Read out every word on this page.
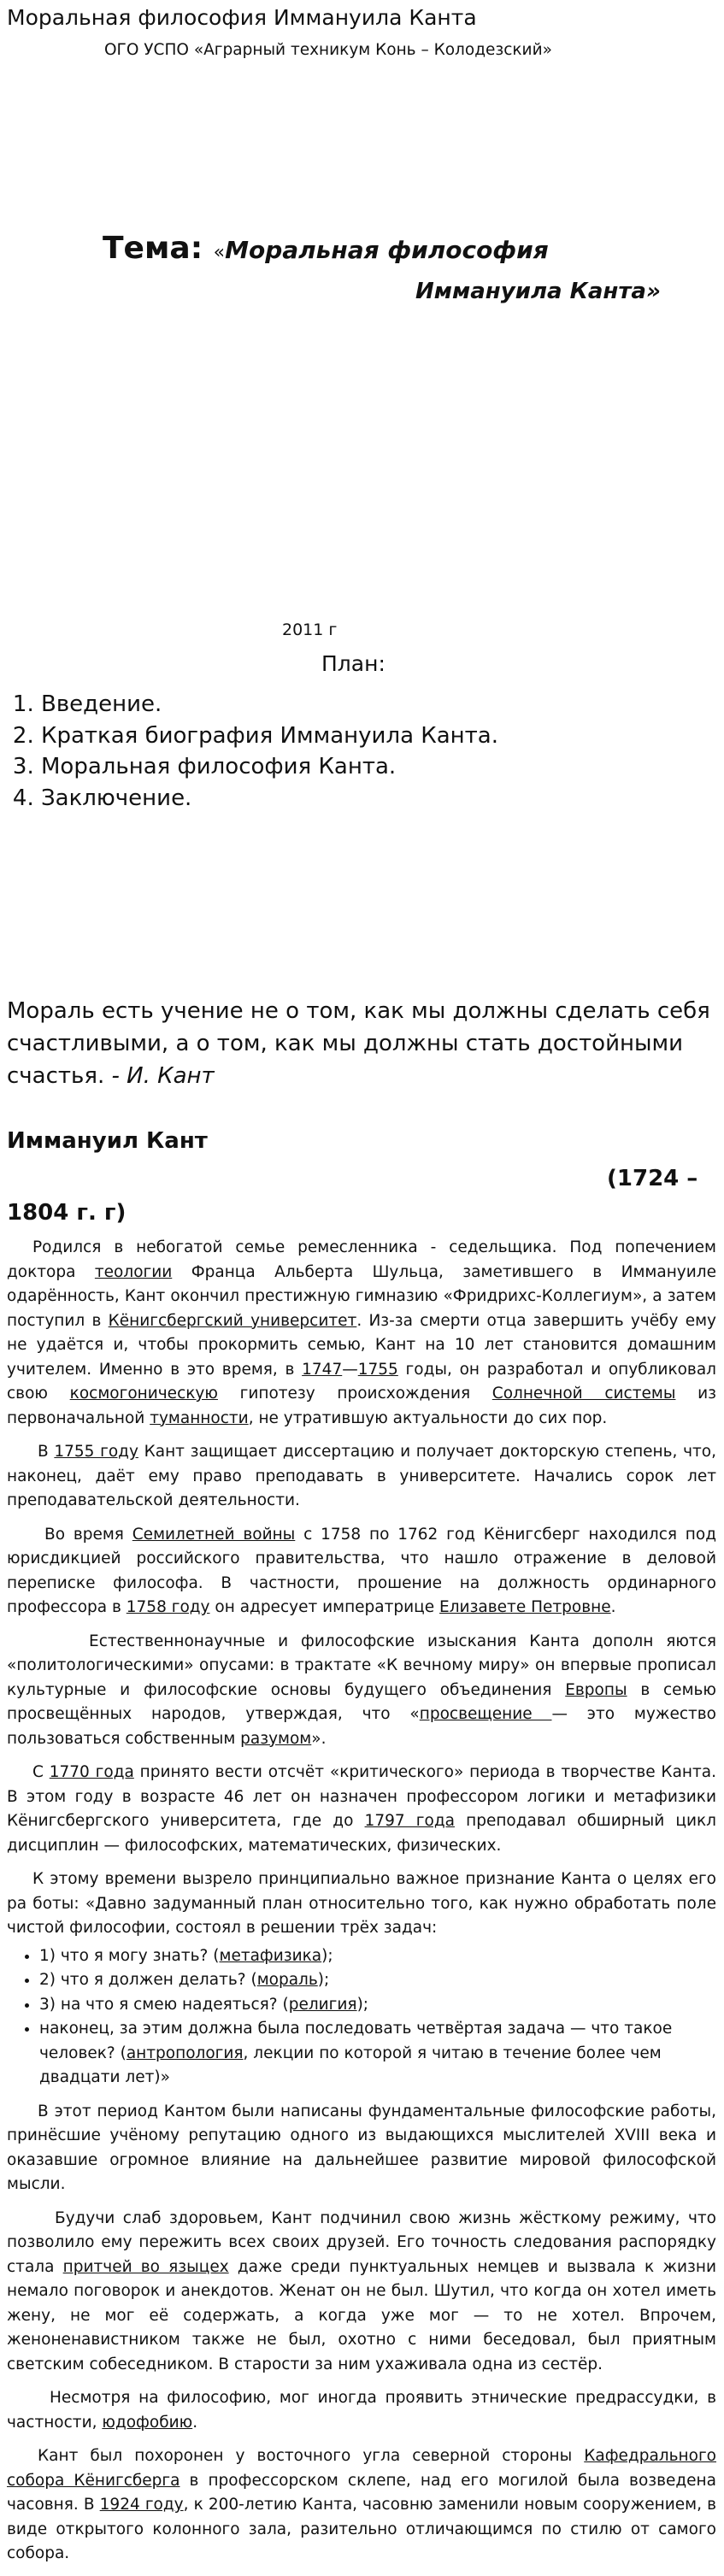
Моральная философия Иммануила Канта
ОГО УСПО «Аграрный техникум Конь – Колодезский»
Тема: «Моральная философия
Иммануила Канта»
2011 г
План:
1. Введение.
2. Краткая биография Иммануила Канта.
3. Моральная философия Канта.
4. Заключение.
Мораль есть учение не о том, как мы должны сделать себя счастливыми, а о том, как мы должны стать достойными счастья. - И. Кант
Иммануил Кант
(1724 –
1804 г. г)

Родился в небогатой семье ремесленника - седельщика. Под попечением доктора теологии Франца Альберта Шульца, заметившего в Иммануиле одарённость, Кант окончил престижную гимназию «Фридрихс-Коллегиум», а затем поступил в Кёнигсбергский университет. Из-за смерти отца завершить учёбу ему не удаётся и, чтобы прокормить семью, Кант на 10 лет становится домашним учителем. Именно в это время, в 1747—1755 годы, он разработал и опубликовал свою космогоническую гипотезу происхождения Солнечной системы из первоначальной туманности, не утратившую актуальности до сих пор.

В 1755 году Кант защищает диссертацию и получает докторскую степень, что, наконец, даёт ему право преподавать в университете. Начались сорок лет преподавательской деятельности.

Во время Семилетней войны с 1758 по 1762 год Кёнигсберг находился под юрисдикцией российского правительства, что нашло отражение в деловой переписке философа. В частности, прошение на должность ординарного профессора в 1758 году он адресует императрице Елизавете Петровне.

Естественнонаучные и философские изыскания Канта дополн яются «политологическими» опусами: в трактате «К вечному миру» он впервые прописал культурные и философские основы будущего объединения Европы в семью просвещённых народов, утверждая, что «просвещение — это мужество пользоваться собственным разумом».

С 1770 года принято вести отсчёт «критического» периода в творчестве Канта. В этом году в возрасте 46 лет он назначен профессором логики и метафизики Кёнигсбергского университета, где до 1797 года преподавал обширный цикл дисциплин — философских, математических, физических.

К этому времени вызрело принципиально важное признание Канта о целях его ра боты: «Давно задуманный план относительно того, как нужно обработать поле чистой философии, состоял в решении трёх задач:

• 1) что я могу знать? (метафизика);
• 2) что я должен делать? (мораль);
• 3) на что я смею надеяться? (религия);
• наконец, за этим должна была последовать четвёртая задача — что такое человек? (антропология, лекции по которой я читаю в течение более чем двадцати лет)»

В этот период Кантом были написаны фундаментальные философские работы, принёсшие учёному репутацию одного из выдающихся мыслителей XVIII века и оказавшие огромное влияние на дальнейшее развитие мировой философской мысли.

Будучи слаб здоровьем, Кант подчинил свою жизнь жёсткому режиму, что позволило ему пережить всех своих друзей. Его точность следования распорядку стала притчей во языцех даже среди пунктуальных немцев и вызвала к жизни немало поговорок и анекдотов. Женат он не был. Шутил, что когда он хотел иметь жену, не мог её содержать, а когда уже мог — то не хотел. Впрочем, женоненавистником также не был, охотно с ними беседовал, был приятным светским собеседником. В старости за ним ухаживала одна из сестёр.

Несмотря на философию, мог иногда проявить этнические предрассудки, в частности, юдофобию.

Кант был похоронен у восточного угла северной стороны Кафедрального собора Кёнигсберга в профессорском склепе, над его могилой была возведена часовня. В 1924 году, к 200-летию Канта, часовню заменили новым сооружением, в виде открытого колонного зала, разительно отличающимся по стилю от самого собора.
